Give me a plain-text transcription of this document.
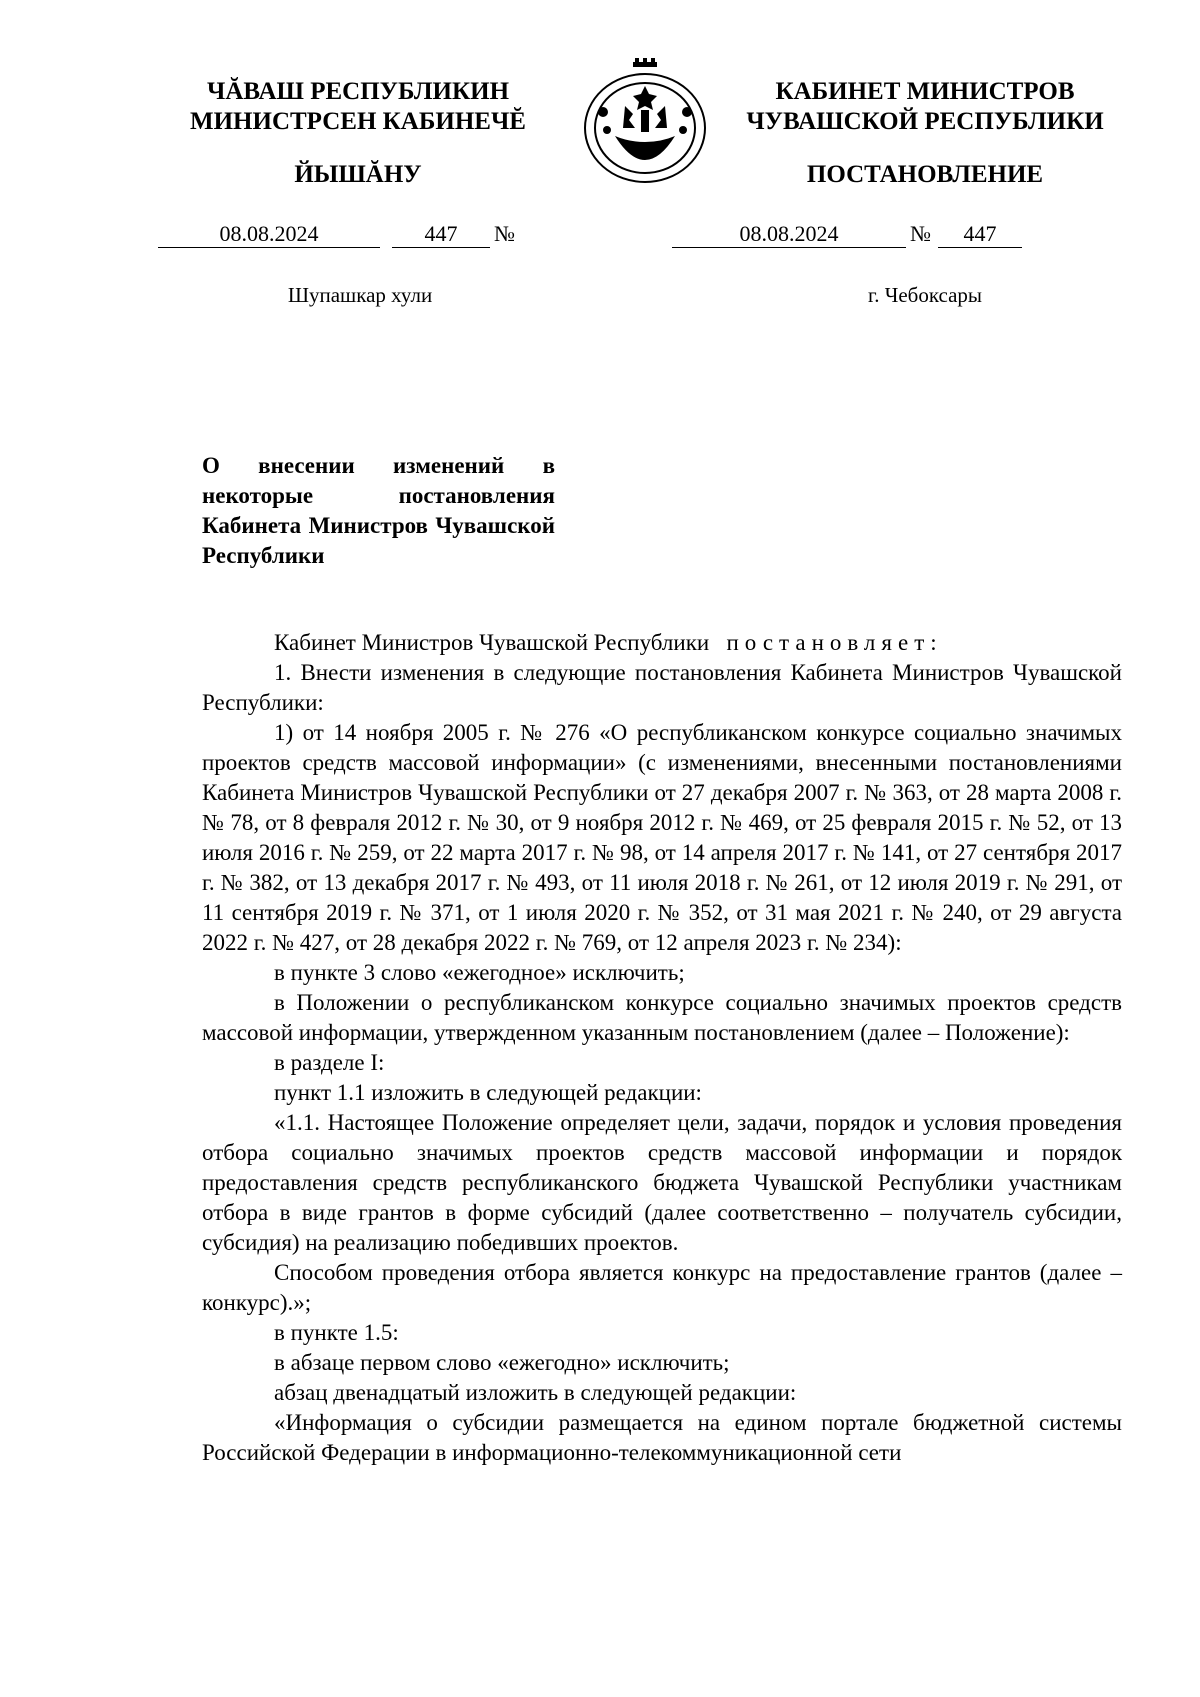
ЧĂВАШ РЕСПУБЛИКИН
МИНИСТРСЕН КАБИНЕЧĔ
ЙЫШĂНУ
КАБИНЕТ МИНИСТРОВ
ЧУВАШСКОЙ РЕСПУБЛИКИ
ПОСТАНОВЛЕНИЕ
08.08.2024	447	№	08.08.2024	№	447
Шупашкар хули	г. Чебоксары
О внесении изменений в некоторые постановления Кабинета Министров Чувашской Республики

Кабинет Министров Чувашской Республики постановляет:

1. Внести изменения в следующие постановления Кабинета Министров Чувашской Республики:

1) от 14 ноября 2005 г. № 276 «О республиканском конкурсе социально значимых проектов средств массовой информации» (с изменениями, внесенными постановлениями Кабинета Министров Чувашской Республики от 27 декабря 2007 г. № 363, от 28 марта 2008 г. № 78, от 8 февраля 2012 г. № 30, от 9 ноября 2012 г. № 469, от 25 февраля 2015 г. № 52, от 13 июля 2016 г. № 259, от 22 марта 2017 г. № 98, от 14 апреля 2017 г. № 141, от 27 сентября 2017 г. № 382, от 13 декабря 2017 г. № 493, от 11 июля 2018 г. № 261, от 12 июля 2019 г. № 291, от 11 сентября 2019 г. № 371, от 1 июля 2020 г. № 352, от 31 мая 2021 г. № 240, от 29 августа 2022 г. № 427, от 28 декабря 2022 г. № 769, от 12 апреля 2023 г. № 234):

в пункте 3 слово «ежегодное» исключить;

в Положении о республиканском конкурсе социально значимых проектов средств массовой информации, утвержденном указанным постановлением (далее – Положение):

в разделе I:

пункт 1.1 изложить в следующей редакции:

«1.1. Настоящее Положение определяет цели, задачи, порядок и условия проведения отбора социально значимых проектов средств массовой информации и порядок предоставления средств республиканского бюджета Чувашской Республики участникам отбора в виде грантов в форме субсидий (далее соответственно – получатель субсидии, субсидия) на реализацию победивших проектов.

Способом проведения отбора является конкурс на предоставление грантов (далее – конкурс).»;

в пункте 1.5:

в абзаце первом слово «ежегодно» исключить;

абзац двенадцатый изложить в следующей редакции:

«Информация о субсидии размещается на едином портале бюджетной системы Российской Федерации в информационно-телекоммуникационной сети
